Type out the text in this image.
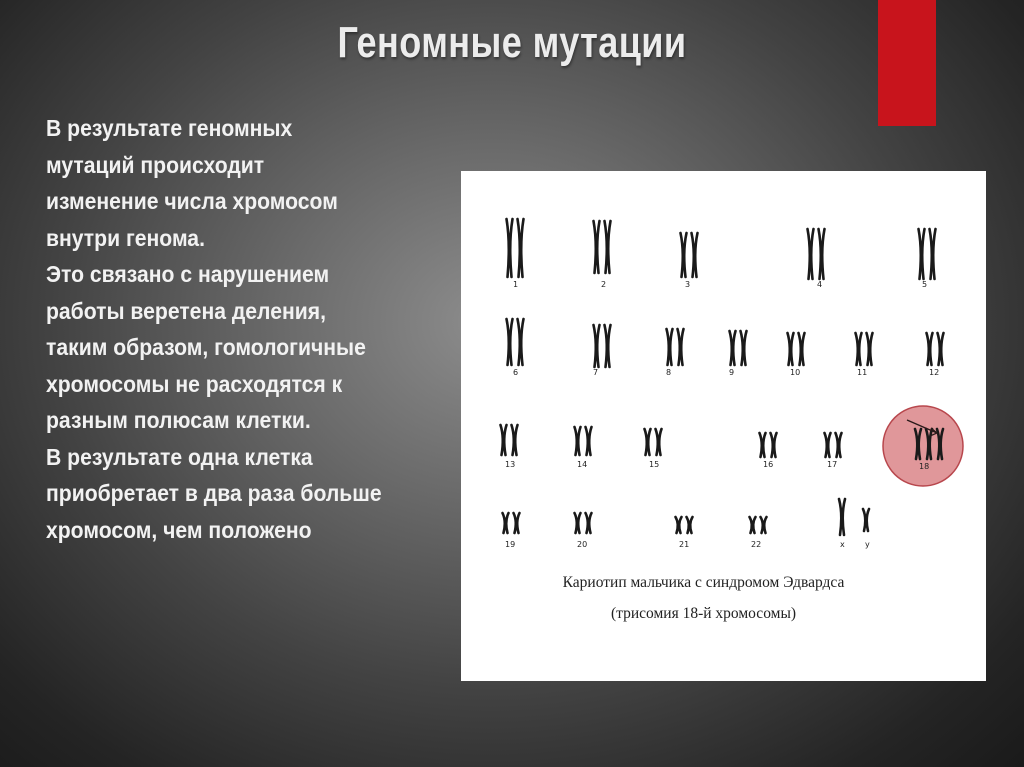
Геномные мутации
В результате геномных
мутаций происходит
изменение числа хромосом
внутри генома.
Это связано с нарушением
работы веретена деления,
таким образом, гомологичные
хромосомы не расходятся к
разным полюсам клетки.
В результате одна клетка
приобретает в два раза больше
хромосом, чем положено
1	2	3	4	5
6	7	8	9	10	11	12
13	14	15	16	17	18
19	20	21	22	x	y
Кариотип мальчика с синдромом Эдвардса
(трисомия 18-й хромосомы)
